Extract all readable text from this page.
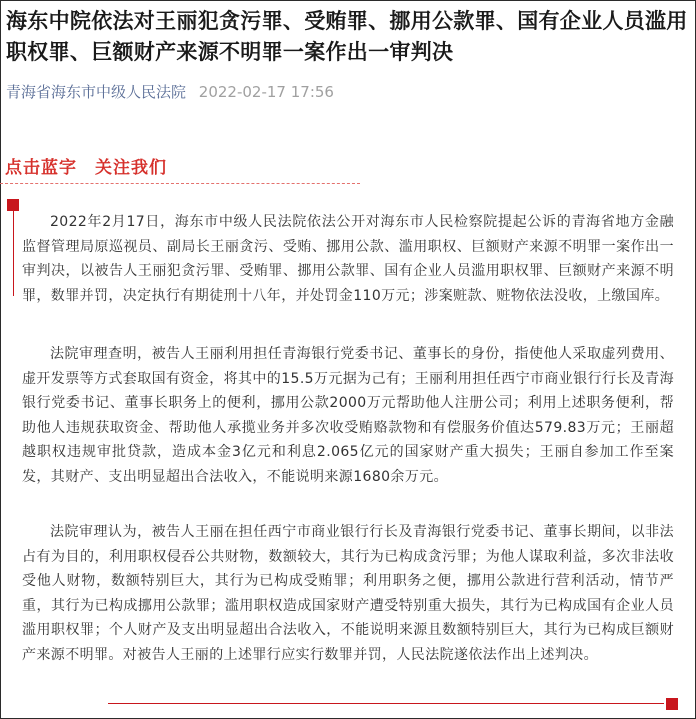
海东中院依法对王丽犯贪污罪、受贿罪、挪用公款罪、国有企业人员滥用职权罪、巨额财产来源不明罪一案作出一审判决
青海省海东市中级人民法院 2022-02-17 17:56
点击蓝字 关注我们

2022年2月17日，海东市中级人民法院依法公开对海东市人民检察院提起公诉的青海省地方金融监督管理局原巡视员、副局长王丽贪污、受贿、挪用公款、滥用职权、巨额财产来源不明罪一案作出一审判决，以被告人王丽犯贪污罪、受贿罪、挪用公款罪、国有企业人员滥用职权罪、巨额财产来源不明罪，数罪并罚，决定执行有期徒刑十八年，并处罚金110万元；涉案赃款、赃物依法没收，上缴国库。

法院审理查明，被告人王丽利用担任青海银行党委书记、董事长的身份，指使他人采取虚列费用、虚开发票等方式套取国有资金，将其中的15.5万元据为己有；王丽利用担任西宁市商业银行行长及青海银行党委书记、董事长职务上的便利，挪用公款2000万元帮助他人注册公司；利用上述职务便利，帮助他人违规获取资金、帮助他人承揽业务并多次收受贿赂款物和有偿服务价值达579.83万元；王丽超越职权违规审批贷款，造成本金3亿元和利息2.065亿元的国家财产重大损失；王丽自参加工作至案发，其财产、支出明显超出合法收入，不能说明来源1680余万元。

法院审理认为，被告人王丽在担任西宁市商业银行行长及青海银行党委书记、董事长期间，以非法占有为目的，利用职权侵吞公共财物，数额较大，其行为已构成贪污罪；为他人谋取利益，多次非法收受他人财物，数额特别巨大，其行为已构成受贿罪；利用职务之便，挪用公款进行营利活动，情节严重，其行为已构成挪用公款罪；滥用职权造成国家财产遭受特别重大损失，其行为已构成国有企业人员滥用职权罪；个人财产及支出明显超出合法收入，不能说明来源且数额特别巨大，其行为已构成巨额财产来源不明罪。对被告人王丽的上述罪行应实行数罪并罚，人民法院遂依法作出上述判决。
